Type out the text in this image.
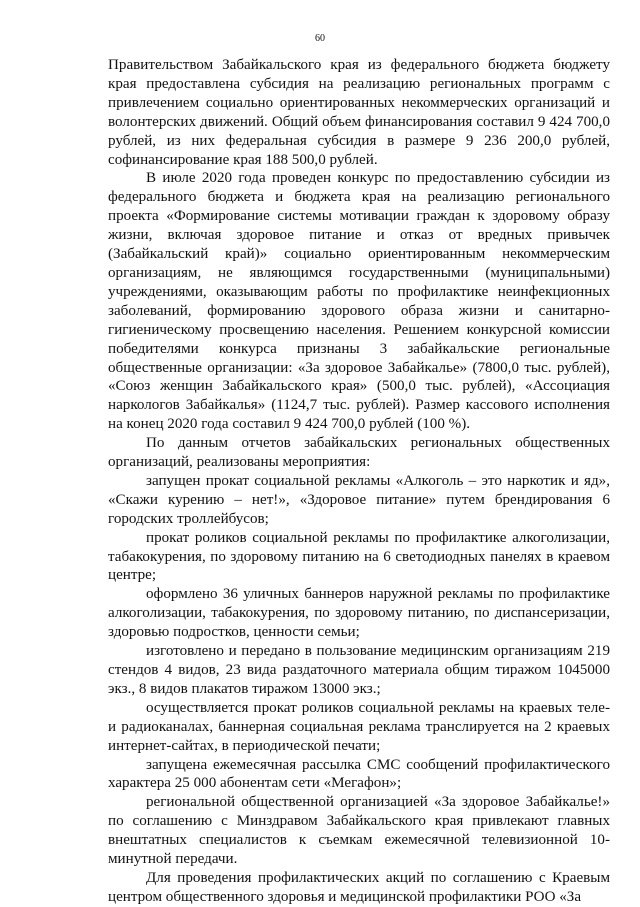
60

Правительством Забайкальского края из федерального бюджета бюджету края предоставлена субсидия на реализацию региональных программ с привлечением социально ориентированных некоммерческих организаций и волонтерских движений. Общий объем финансирования составил 9 424 700,0 рублей, из них федеральная субсидия в размере 9 236 200,0 рублей, софинансирование края 188 500,0 рублей.

В июле 2020 года проведен конкурс по предоставлению субсидии из федерального бюджета и бюджета края на реализацию регионального проекта «Формирование системы мотивации граждан к здоровому образу жизни, включая здоровое питание и отказ от вредных привычек (Забайкальский край)» социально ориентированным некоммерческим организациям, не являющимся государственными (муниципальными) учреждениями, оказывающим работы по профилактике неинфекционных заболеваний, формированию здорового образа жизни и санитарно-гигиеническому просвещению населения. Решением конкурсной комиссии победителями конкурса признаны 3 забайкальские региональные общественные организации: «За здоровое Забайкалье» (7800,0 тыс. рублей), «Союз женщин Забайкальского края» (500,0 тыс. рублей), «Ассоциация наркологов Забайкалья» (1124,7 тыс. рублей). Размер кассового исполнения на конец 2020 года составил 9 424 700,0 рублей (100 %).

По данным отчетов забайкальских региональных общественных организаций, реализованы мероприятия:

запущен прокат социальной рекламы «Алкоголь – это наркотик и яд», «Скажи курению – нет!», «Здоровое питание» путем брендирования 6 городских троллейбусов;

прокат роликов социальной рекламы по профилактике алкоголизации, табакокурения, по здоровому питанию на 6 светодиодных панелях в краевом центре;

оформлено 36 уличных баннеров наружной рекламы по профилактике алкоголизации, табакокурения, по здоровому питанию, по диспансеризации, здоровью подростков, ценности семьи;

изготовлено и передано в пользование медицинским организациям 219 стендов 4 видов, 23 вида раздаточного материала общим тиражом 1045000 экз., 8 видов плакатов тиражом 13000 экз.;

осуществляется прокат роликов социальной рекламы на краевых теле- и радиоканалах, баннерная социальная реклама транслируется на 2 краевых интернет-сайтах, в периодической печати;

запущена ежемесячная рассылка СМС сообщений профилактического характера 25 000 абонентам сети «Мегафон»;

региональной общественной организацией «За здоровое Забайкалье!» по соглашению с Минздравом Забайкальского края привлекают главных внештатных специалистов к съемкам ежемесячной телевизионной 10-минутной передачи.

Для проведения профилактических акций по соглашению с Краевым центром общественного здоровья и медицинской профилактики РОО «За
